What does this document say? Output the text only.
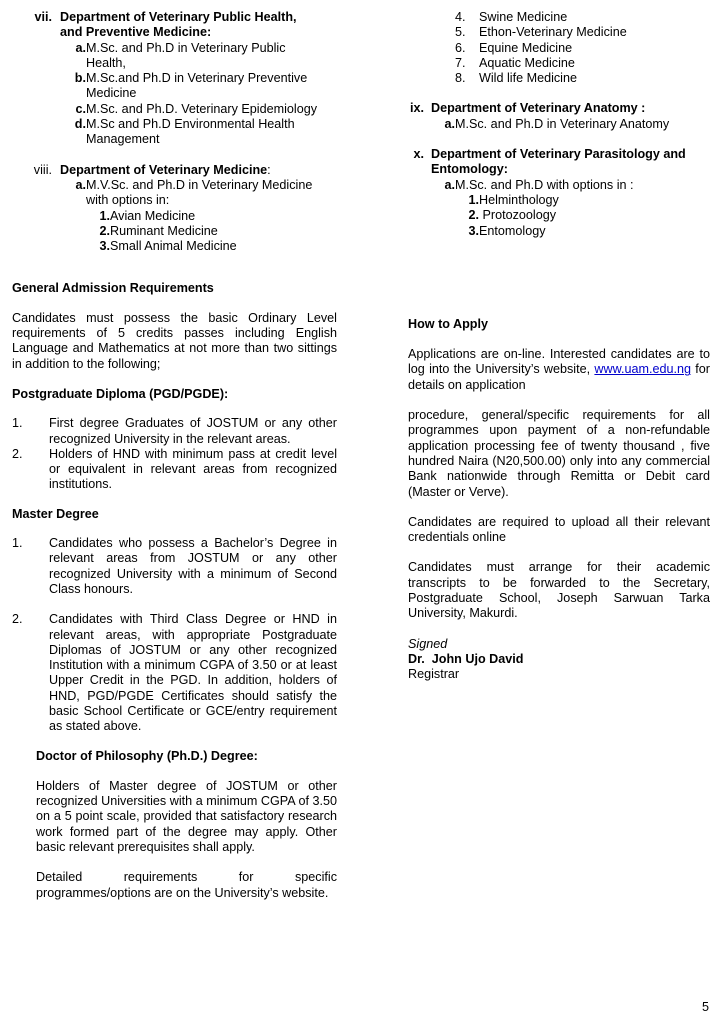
vii. Department of Veterinary Public Health,
and Preventive Medicine:
a. M.Sc. and Ph.D in Veterinary Public
Health,
b. M.Sc.and Ph.D in Veterinary Preventive
Medicine
c. M.Sc. and Ph.D. Veterinary Epidemiology
d. M.Sc and Ph.D Environmental Health
Management
viii. Department of Veterinary Medicine:
a. M.V.Sc. and Ph.D in Veterinary Medicine
with options in:
1. Avian Medicine
2. Ruminant Medicine
3. Small Animal Medicine
General Admission Requirements
Candidates must possess the basic Ordinary Level requirements of 5 credits passes including English Language and Mathematics at not more than two sittings in addition to the following;
Postgraduate Diploma (PGD/PGDE):
1.	First degree Graduates of JOSTUM or any other recognized University in the relevant areas.
2.	Holders of HND with minimum pass at credit level or equivalent in relevant areas from recognized institutions.
Master Degree
1.	Candidates who possess a Bachelor’s Degree in relevant areas from JOSTUM or any other recognized University with a minimum of Second Class honours.
2.	Candidates with Third Class Degree or HND in relevant areas, with appropriate Postgraduate Diplomas of JOSTUM or any other recognized Institution with a minimum CGPA of 3.50 or at least Upper Credit in the PGD. In addition, holders of HND, PGD/PGDE Certificates should satisfy the basic School Certificate or GCE/entry requirement as stated above.
Doctor of Philosophy (Ph.D.) Degree:
Holders of Master degree of JOSTUM or other recognized Universities with a minimum CGPA of 3.50 on a 5 point scale, provided that satisfactory research work formed part of the degree may apply. Other basic relevant prerequisites shall apply.
Detailed requirements for specific programmes/options are on the University’s website.
4.	Swine Medicine
5.	Ethon-Veterinary Medicine
6.	Equine Medicine
7.	Aquatic Medicine
8.	Wild life Medicine
ix. Department of Veterinary Anatomy :
a. M.Sc. and Ph.D in Veterinary Anatomy
x. Department of Veterinary Parasitology and
Entomology:
a. M.Sc. and Ph.D with options in :
1. Helminthology
2. Protozoology
3. Entomology
How to Apply
Applications are on-line. Interested candidates are to log into the University’s website, www.uam.edu.ng for details on application
procedure, general/specific requirements for all programmes upon payment of a non-refundable application processing fee of twenty thousand , five hundred Naira (N20,500.00) only into any commercial Bank nationwide through Remitta or Debit card (Master or Verve).
Candidates are required to upload all their relevant credentials online
Candidates must arrange for their academic transcripts to be forwarded to the Secretary, Postgraduate School, Joseph Sarwuan Tarka University, Makurdi.
Signed
Dr.  John Ujo David
Registrar
5
